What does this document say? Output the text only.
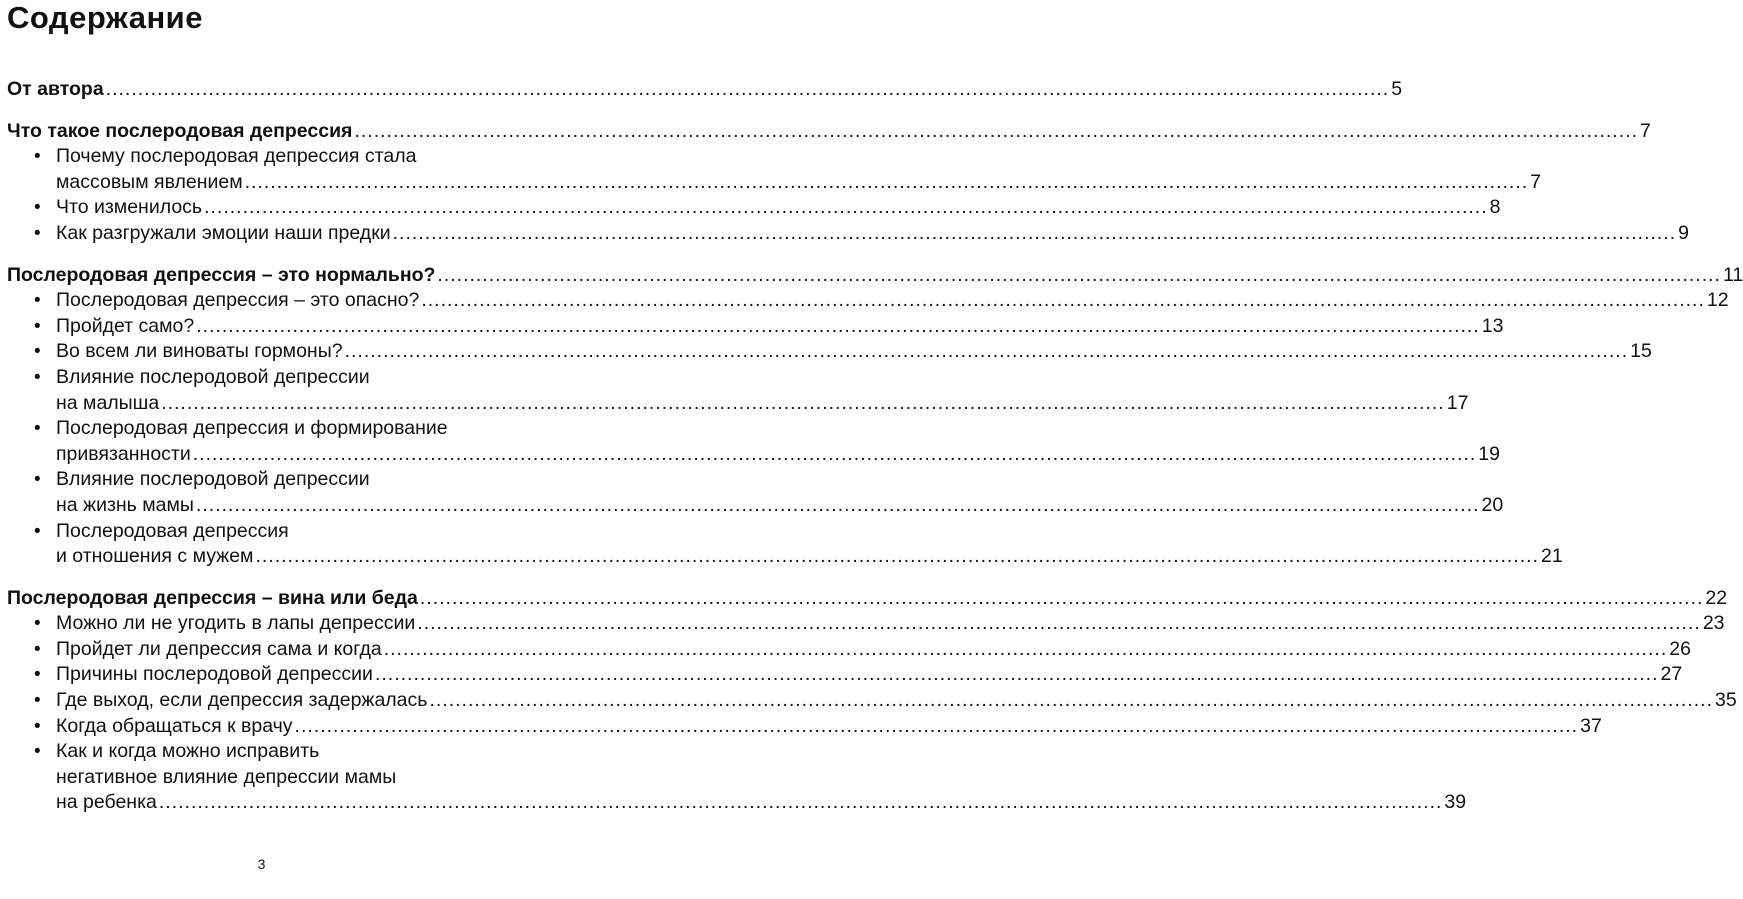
Содержание
От автора ........................................................................................................................................................................................................ 5
Что такое послеродовая депрессия ........................................................................................................................................................................................................ 7
• Почему послеродовая депрессия стала
массовым явлением ........................................................................................................................................................................................................ 7
• Что изменилось ........................................................................................................................................................................................................ 8
• Как разгружали эмоции наши предки ........................................................................................................................................................................................................ 9
Послеродовая депрессия – это нормально? ........................................................................................................................................................................................................ 11
• Послеродовая депрессия – это опасно? ........................................................................................................................................................................................................ 12
• Пройдет само? ........................................................................................................................................................................................................ 13
• Во всем ли виноваты гормоны? ........................................................................................................................................................................................................ 15
• Влияние послеродовой депрессии
на малыша ........................................................................................................................................................................................................ 17
• Послеродовая депрессия и формирование
привязанности ........................................................................................................................................................................................................ 19
• Влияние послеродовой депрессии
на жизнь мамы ........................................................................................................................................................................................................ 20
• Послеродовая депрессия
и отношения с мужем ........................................................................................................................................................................................................ 21
Послеродовая депрессия – вина или беда ........................................................................................................................................................................................................ 22
• Можно ли не угодить в лапы депрессии ........................................................................................................................................................................................................ 23
• Пройдет ли депрессия сама и когда ........................................................................................................................................................................................................ 26
• Причины послеродовой депрессии ........................................................................................................................................................................................................ 27
• Где выход, если депрессия задержалась ........................................................................................................................................................................................................ 35
• Когда обращаться к врачу ........................................................................................................................................................................................................ 37
• Как и когда можно исправить
негативное влияние депрессии мамы
на ребенка ........................................................................................................................................................................................................ 39
3
